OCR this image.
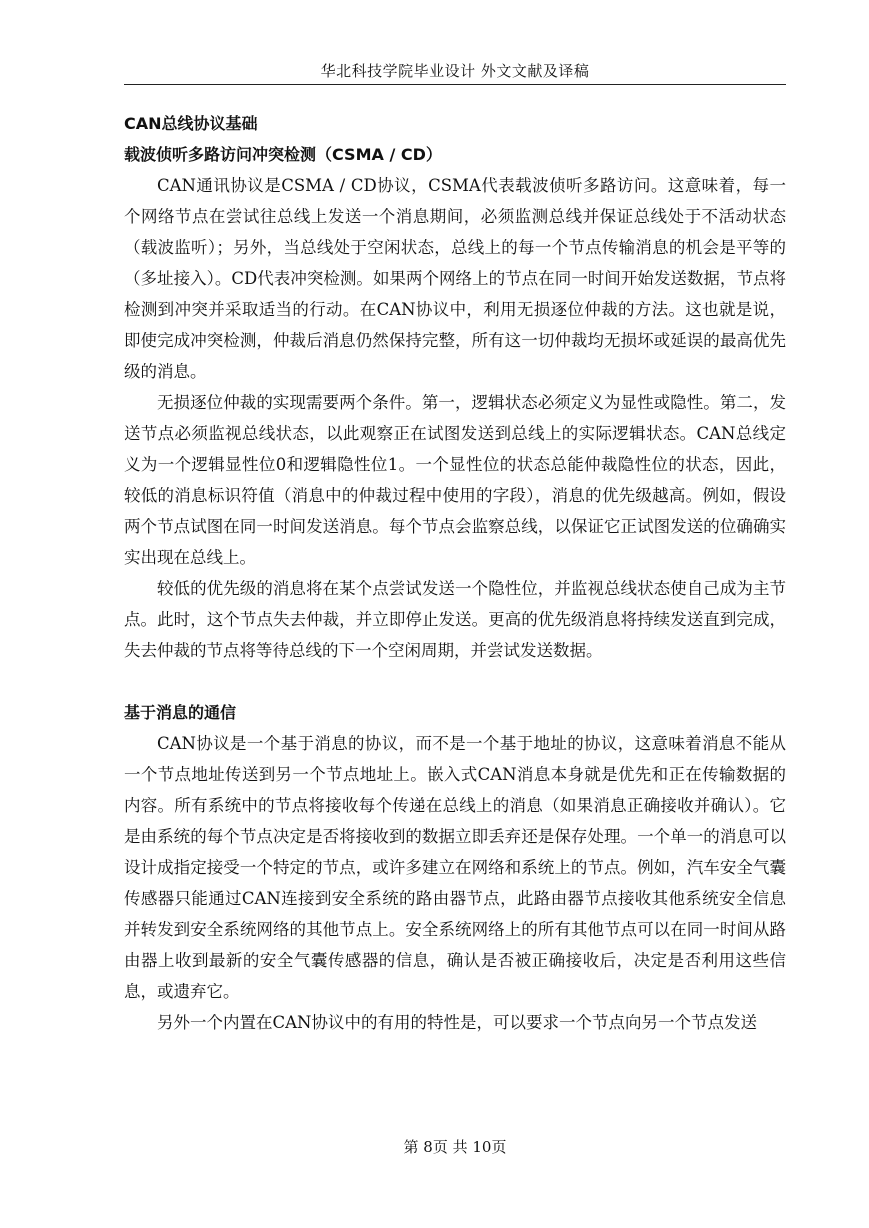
华北科技学院毕业设计 外文文献及译稿
CAN总线协议基础
载波侦听多路访问冲突检测（CSMA / CD）

CAN通讯协议是CSMA / CD协议，CSMA代表载波侦听多路访问。这意味着，每一个网络节点在尝试往总线上发送一个消息期间，必须监测总线并保证总线处于不活动状态（载波监听）；另外，当总线处于空闲状态，总线上的每一个节点传输消息的机会是平等的（多址接入）。CD代表冲突检测。如果两个网络上的节点在同一时间开始发送数据，节点将检测到冲突并采取适当的行动。在CAN协议中，利用无损逐位仲裁的方法。这也就是说，即使完成冲突检测，仲裁后消息仍然保持完整，所有这一切仲裁均无损坏或延误的最高优先级的消息。

无损逐位仲裁的实现需要两个条件。第一，逻辑状态必须定义为显性或隐性。第二，发送节点必须监视总线状态，以此观察正在试图发送到总线上的实际逻辑状态。CAN总线定义为一个逻辑显性位0和逻辑隐性位1。一个显性位的状态总能仲裁隐性位的状态，因此，较低的消息标识符值（消息中的仲裁过程中使用的字段），消息的优先级越高。例如，假设两个节点试图在同一时间发送消息。每个节点会监察总线，以保证它正试图发送的位确确实实出现在总线上。

较低的优先级的消息将在某个点尝试发送一个隐性位，并监视总线状态使自己成为主节点。此时，这个节点失去仲裁，并立即停止发送。更高的优先级消息将持续发送直到完成，失去仲裁的节点将等待总线的下一个空闲周期，并尝试发送数据。

基于消息的通信

CAN协议是一个基于消息的协议，而不是一个基于地址的协议，这意味着消息不能从一个节点地址传送到另一个节点地址上。嵌入式CAN消息本身就是优先和正在传输数据的内容。所有系统中的节点将接收每个传递在总线上的消息（如果消息正确接收并确认）。它是由系统的每个节点决定是否将接收到的数据立即丢弃还是保存处理。一个单一的消息可以设计成指定接受一个特定的节点，或许多建立在网络和系统上的节点。例如，汽车安全气囊传感器只能通过CAN连接到安全系统的路由器节点，此路由器节点接收其他系统安全信息并转发到安全系统网络的其他节点上。安全系统网络上的所有其他节点可以在同一时间从路由器上收到最新的安全气囊传感器的信息，确认是否被正确接收后，决定是否利用这些信息，或遗弃它。

另外一个内置在CAN协议中的有用的特性是，可以要求一个节点向另一个节点发送

第 8页 共 10页
